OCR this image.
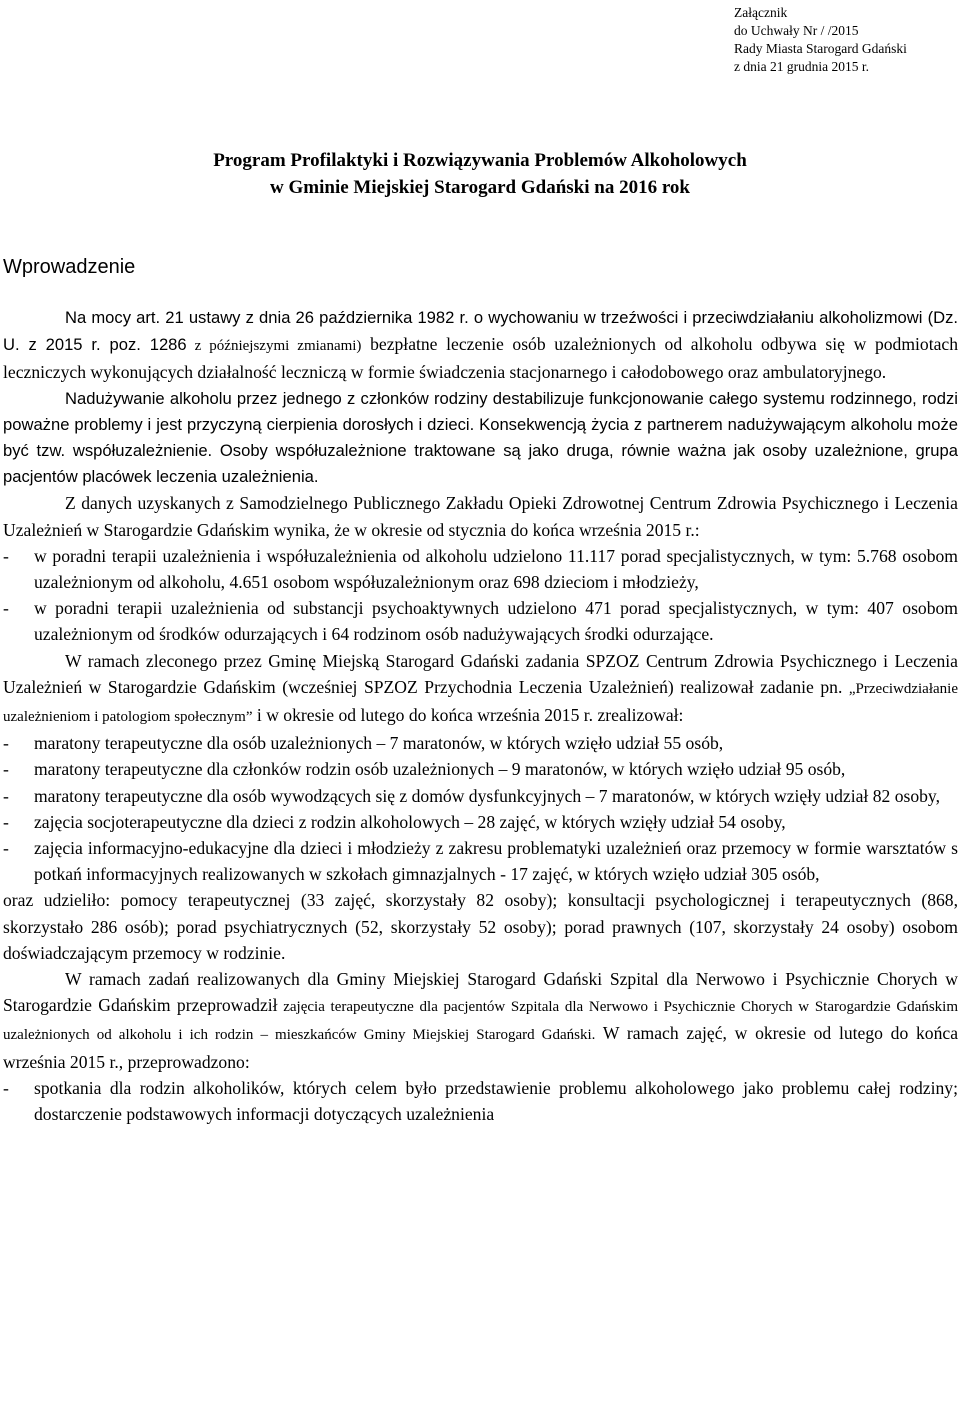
Załącznik
do Uchwały Nr / /2015
Rady Miasta Starogard Gdański
z dnia 21 grudnia 2015 r.
Program Profilaktyki i Rozwiązywania Problemów Alkoholowych
w Gminie Miejskiej Starogard Gdański na 2016 rok
Wprowadzenie

Na mocy art. 21 ustawy z dnia 26 października 1982 r. o wychowaniu w trzeźwości i przeciwdziałaniu alkoholizmowi (Dz. U. z 2015 r. poz. 1286 z późniejszymi zmianami) bezpłatne leczenie osób uzależnionych od alkoholu odbywa się w podmiotach leczniczych wykonujących działalność leczniczą w formie świadczenia stacjonarnego i całodobowego oraz ambulatoryjnego.

Nadużywanie alkoholu przez jednego z członków rodziny destabilizuje funkcjonowanie całego systemu rodzinnego, rodzi poważne problemy i jest przyczyną cierpienia dorosłych i dzieci. Konsekwencją życia z partnerem nadużywającym alkoholu może być tzw. współuzależnienie. Osoby współuzależnione traktowane są jako druga, równie ważna jak osoby uzależnione, grupa pacjentów placówek leczenia uzależnienia.

Z danych uzyskanych z Samodzielnego Publicznego Zakładu Opieki Zdrowotnej Centrum Zdrowia Psychicznego i Leczenia Uzależnień w Starogardzie Gdańskim wynika, że w okresie od stycznia do końca września 2015 r.:

-	w poradni terapii uzależnienia i współuzależnienia od alkoholu udzielono 11.117 porad specjalistycznych, w tym: 5.768 osobom uzależnionym od alkoholu, 4.651 osobom współuzależnionym oraz 698 dzieciom i młodzieży,
-	w poradni terapii uzależnienia od substancji psychoaktywnych udzielono 471 porad specjalistycznych, w tym: 407 osobom uzależnionym od środków odurzających i 64 rodzinom osób nadużywających środki odurzające.

W ramach zleconego przez Gminę Miejską Starogard Gdański zadania SPZOZ Centrum Zdrowia Psychicznego i Leczenia Uzależnień w Starogardzie Gdańskim (wcześniej SPZOZ Przychodnia Leczenia Uzależnień) realizował zadanie pn. „Przeciwdziałanie uzależnieniom i patologiom społecznym” i w okresie od lutego do końca września 2015 r. zrealizował:

-	maratony terapeutyczne dla osób uzależnionych – 7 maratonów, w których wzięło udział 55 osób,
-	maratony terapeutyczne dla członków rodzin osób uzależnionych – 9 maratonów, w których wzięło udział 95 osób,
-	maratony terapeutyczne dla osób wywodzących się z domów dysfunkcyjnych – 7 maratonów, w których wzięły udział 82 osoby,
-	zajęcia socjoterapeutyczne dla dzieci z rodzin alkoholowych – 28 zajęć, w których wzięły udział 54 osoby,
-	zajęcia informacyjno-edukacyjne dla dzieci i młodzieży z zakresu problematyki uzależnień oraz przemocy w formie warsztatów s potkań informacyjnych realizowanych w szkołach gimnazjalnych - 17 zajęć, w których wzięło udział 305 osób,

oraz udzieliło: pomocy terapeutycznej (33 zajęć, skorzystały 82 osoby); konsultacji psychologicznej i terapeutycznych (868, skorzystało 286 osób); porad psychiatrycznych (52, skorzystały 52 osoby); porad prawnych (107, skorzystały 24 osoby) osobom doświadczającym przemocy w rodzinie.

W ramach zadań realizowanych dla Gminy Miejskiej Starogard Gdański Szpital dla Nerwowo i Psychicznie Chorych w Starogardzie Gdańskim przeprowadził zajęcia terapeutyczne dla pacjentów Szpitala dla Nerwowo i Psychicznie Chorych w Starogardzie Gdańskim uzależnionych od alkoholu i ich rodzin – mieszkańców Gminy Miejskiej Starogard Gdański. W ramach zajęć, w okresie od lutego do końca września 2015 r., przeprowadzono:

-	spotkania dla rodzin alkoholików, których celem było przedstawienie problemu alkoholowego jako problemu całej rodziny; dostarczenie podstawowych informacji dotyczących uzależnienia
